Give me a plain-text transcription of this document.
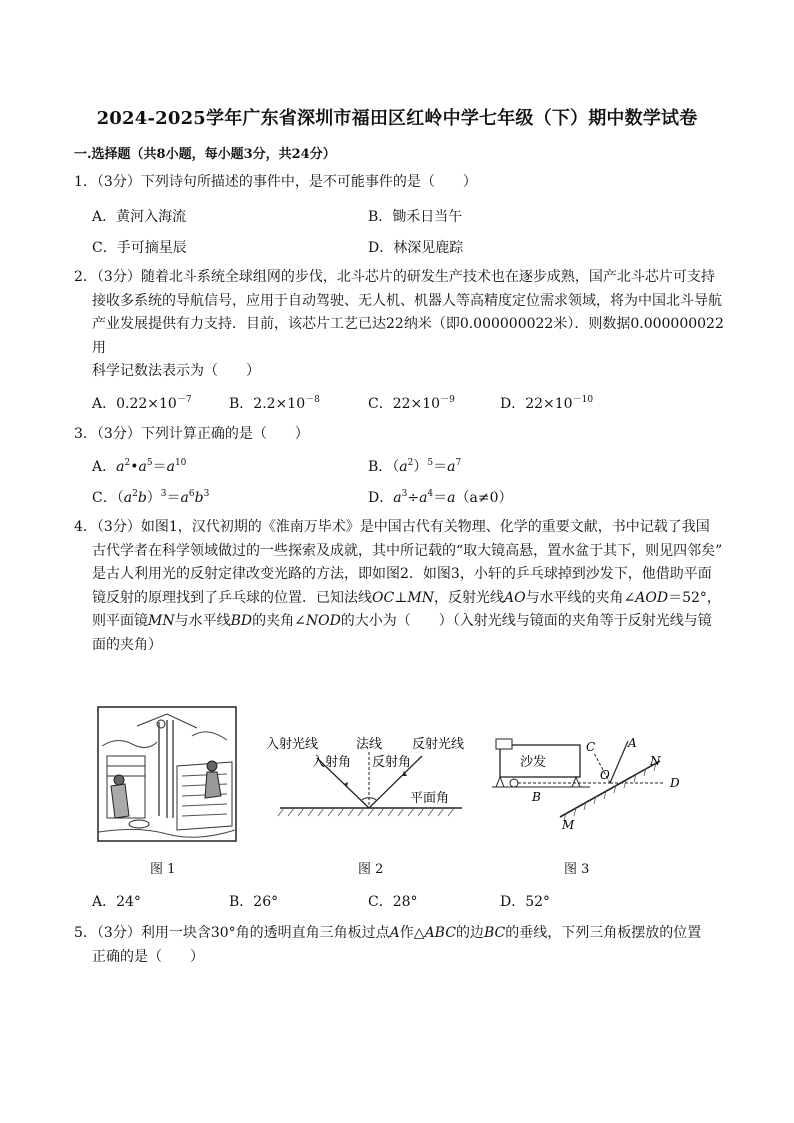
2024-2025学年广东省深圳市福田区红岭中学七年级（下）期中数学试卷
一.选择题（共8小题，每小题3分，共24分）
1．（3分）下列诗句所描述的事件中，是不可能事件的是（　　）
A．黄河入海流	B．锄禾日当午
C．手可摘星辰	D．林深见鹿踪
2．（3分）随着北斗系统全球组网的步伐，北斗芯片的研发生产技术也在逐步成熟，国产北斗芯片可支持
接收多系统的导航信号，应用于自动驾驶、无人机、机器人等高精度定位需求领域，将为中国北斗导航
产业发展提供有力支持．目前，该芯片工艺已达22纳米（即0.000000022米）．则数据0.000000022用
科学记数法表示为（　　）
A．$0.22\times 10^{-7}$	B．$2.2\times 10^{-8}$	C．$22\times 10^{-9}$	D．$22\times 10^{-10}$
3．（3分）下列计算正确的是（　　）
A．$a^2•a^5=a^{10}$	B．$(a^2)^5=a^7$
C．$(a^2b)^3=a^6b^3$	D．$a^3\div a^4=a(a\ne 0)$
4．（3分）如图1，汉代初期的《淮南万毕术》是中国古代有关物理、化学的重要文献，书中记载了我国
古代学者在科学领域做过的一些探索及成就，其中所记载的“取大镜高悬，置水盆于其下，则见四邻矣”
是古人利用光的反射定律改变光路的方法，即如图2．如图3，小轩的乒乓球掉到沙发下，他借助平面
镜反射的原理找到了乒乓球的位置．已知法线OC⊥MN，反射光线AO与水平线的夹角∠AOD＝52°，
则平面镜MN与水平线BD的夹角∠NOD的大小为（　　）（入射光线与镜面的夹角等于反射光线与镜
面的夹角）
入射光线	法线 反射光线
入射角 反射角
平面角
沙发
C	A
N
O
D
B
M
图 1	图 2	图 3
A．24°	B．26°	C．28°	D．52°
5．（3分）利用一块含30°角的透明直角三角板过点A作△ABC的边BC的垂线，下列三角板摆放的位置
正确的是（　　）
